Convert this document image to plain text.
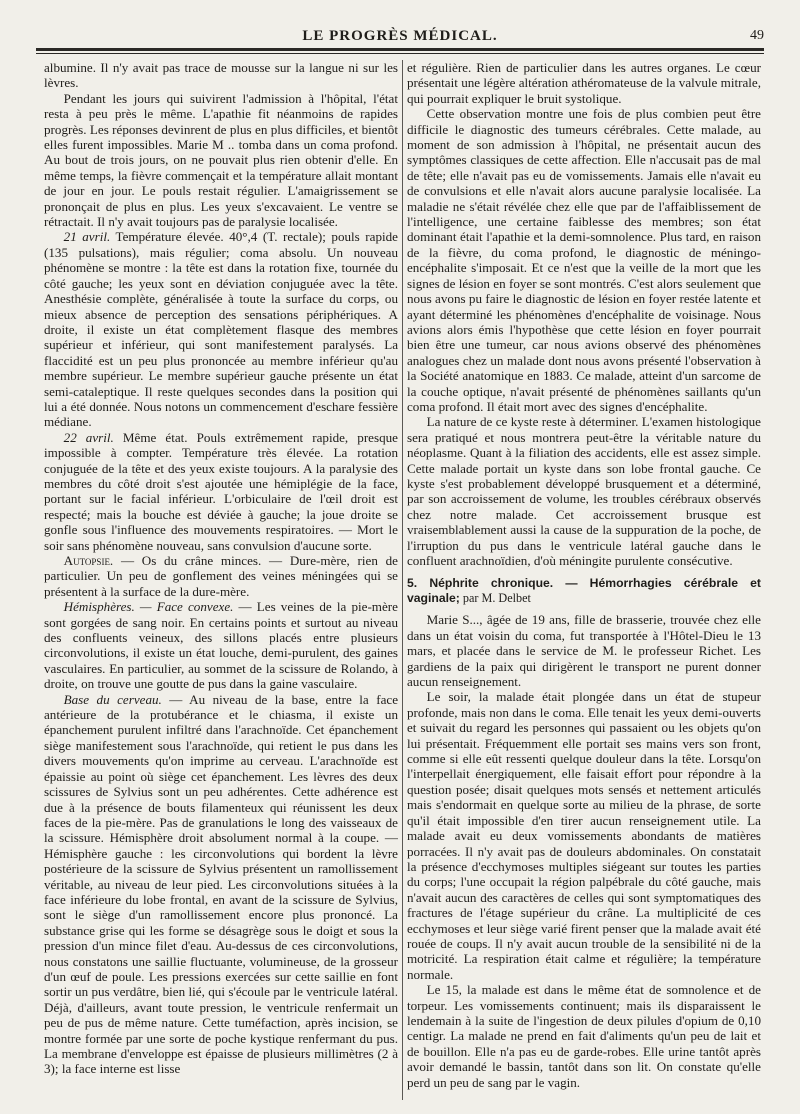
LE PROGRÈS MÉDICAL.	49

albumine. Il n'y avait pas trace de mousse sur la langue ni sur les lèvres.

Pendant les jours qui suivirent l'admission à l'hôpital, l'état resta à peu près le même. L'apathie fit néanmoins de rapides progrès. Les réponses devinrent de plus en plus difficiles, et bientôt elles furent impossibles. Marie M .. tomba dans un coma profond. Au bout de trois jours, on ne pouvait plus rien obtenir d'elle. En même temps, la fièvre commençait et la température allait montant de jour en jour. Le pouls restait régulier. L'amaigrissement se prononçait de plus en plus. Les yeux s'excavaient. Le ventre se rétractait. Il n'y avait toujours pas de paralysie localisée.

21 avril. Température élevée. 40°,4 (T. rectale); pouls rapide (135 pulsations), mais régulier; coma absolu. Un nouveau phénomène se montre : la tête est dans la rotation fixe, tournée du côté gauche; les yeux sont en déviation conjuguée avec la tête. Anesthésie complète, généralisée à toute la surface du corps, ou mieux absence de perception des sensations périphériques. A droite, il existe un état complètement flasque des membres supérieur et inférieur, qui sont manifestement paralysés. La flaccidité est un peu plus prononcée au membre inférieur qu'au membre supérieur. Le membre supérieur gauche présente un état semi-cataleptique. Il reste quelques secondes dans la position qui lui a été donnée. Nous notons un commencement d'eschare fessière médiane.

22 avril. Même état. Pouls extrêmement rapide, presque impossible à compter. Température très élevée. La rotation conjuguée de la tête et des yeux existe toujours. A la paralysie des membres du côté droit s'est ajoutée une hémiplégie de la face, portant sur le facial inférieur. L'orbiculaire de l'œil droit est respecté; mais la bouche est déviée à gauche; la joue droite se gonfle sous l'influence des mouvements respiratoires. — Mort le soir sans phénomène nouveau, sans convulsion d'aucune sorte.

Autopsie. — Os du crâne minces. — Dure-mère, rien de particulier. Un peu de gonflement des veines méningées qui se présentent à la surface de la dure-mère.

Hémisphères. — Face convexe. — Les veines de la pie-mère sont gorgées de sang noir. En certains points et surtout au niveau des confluents veineux, des sillons placés entre plusieurs circonvolutions, il existe un état louche, demi-purulent, des gaines vasculaires. En particulier, au sommet de la scissure de Rolando, à droite, on trouve une goutte de pus dans la gaine vasculaire.

Base du cerveau. — Au niveau de la base, entre la face antérieure de la protubérance et le chiasma, il existe un épanchement purulent infiltré dans l'arachnoïde. Cet épanchement siège manifestement sous l'arachnoïde, qui retient le pus dans les divers mouvements qu'on imprime au cerveau. L'arachnoïde est épaissie au point où siège cet épanchement. Les lèvres des deux scissures de Sylvius sont un peu adhérentes. Cette adhérence est due à la présence de bouts filamenteux qui réunissent les deux faces de la pie-mère. Pas de granulations le long des vaisseaux de la scissure. Hémisphère droit absolument normal à la coupe. — Hémisphère gauche : les circonvolutions qui bordent la lèvre postérieure de la scissure de Sylvius présentent un ramollissement véritable, au niveau de leur pied. Les circonvolutions situées à la face inférieure du lobe frontal, en avant de la scissure de Sylvius, sont le siège d'un ramollissement encore plus prononcé. La substance grise qui les forme se désagrège sous le doigt et sous la pression d'un mince filet d'eau. Au-dessus de ces circonvolutions, nous constatons une saillie fluctuante, volumineuse, de la grosseur d'un œuf de poule. Les pressions exercées sur cette saillie en font sortir un pus verdâtre, bien lié, qui s'écoule par le ventricule latéral. Déjà, d'ailleurs, avant toute pression, le ventricule renfermait un peu de pus de même nature. Cette tuméfaction, après incision, se montre formée par une sorte de poche kystique renfermant du pus. La membrane d'enveloppe est épaisse de plusieurs millimètres (2 à 3); la face interne est lisse

et régulière. Rien de particulier dans les autres organes. Le cœur présentait une légère altération athéromateuse de la valvule mitrale, qui pourrait expliquer le bruit systolique.

Cette observation montre une fois de plus combien peut être difficile le diagnostic des tumeurs cérébrales. Cette malade, au moment de son admission à l'hôpital, ne présentait aucun des symptômes classiques de cette affection. Elle n'accusait pas de mal de tête; elle n'avait pas eu de vomissements. Jamais elle n'avait eu de convulsions et elle n'avait alors aucune paralysie localisée. La maladie ne s'était révélée chez elle que par de l'affaiblissement de l'intelligence, une certaine faiblesse des membres; son état dominant était l'apathie et la demi-somnolence. Plus tard, en raison de la fièvre, du coma profond, le diagnostic de méningo-encéphalite s'imposait. Et ce n'est que la veille de la mort que les signes de lésion en foyer se sont montrés. C'est alors seulement que nous avons pu faire le diagnostic de lésion en foyer restée latente et ayant déterminé les phénomènes d'encéphalite de voisinage. Nous avions alors émis l'hypothèse que cette lésion en foyer pourrait bien être une tumeur, car nous avions observé des phénomènes analogues chez un malade dont nous avons présenté l'observation à la Société anatomique en 1883. Ce malade, atteint d'un sarcome de la couche optique, n'avait présenté de phénomènes saillants qu'un coma profond. Il était mort avec des signes d'encéphalite.

La nature de ce kyste reste à déterminer. L'examen histologique sera pratiqué et nous montrera peut-être la véritable nature du néoplasme. Quant à la filiation des accidents, elle est assez simple. Cette malade portait un kyste dans son lobe frontal gauche. Ce kyste s'est probablement développé brusquement et a déterminé, par son accroissement de volume, les troubles cérébraux observés chez notre malade. Cet accroissement brusque est vraisemblablement aussi la cause de la suppuration de la poche, de l'irruption du pus dans le ventricule latéral gauche dans le confluent arachnoïdien, d'où méningite purulente consécutive.

5. Néphrite chronique. — Hémorrhagies cérébrale et vaginale; par M. Delbet

Marie S..., âgée de 19 ans, fille de brasserie, trouvée chez elle dans un état voisin du coma, fut transportée à l'Hôtel-Dieu le 13 mars, et placée dans le service de M. le professeur Richet. Les gardiens de la paix qui dirigèrent le transport ne purent donner aucun renseignement.

Le soir, la malade était plongée dans un état de stupeur profonde, mais non dans le coma. Elle tenait les yeux demi-ouverts et suivait du regard les personnes qui passaient ou les objets qu'on lui présentait. Fréquemment elle portait ses mains vers son front, comme si elle eût ressenti quelque douleur dans la tête. Lorsqu'on l'interpellait énergiquement, elle faisait effort pour répondre à la question posée; disait quelques mots sensés et nettement articulés mais s'endormait en quelque sorte au milieu de la phrase, de sorte qu'il était impossible d'en tirer aucun renseignement utile. La malade avait eu deux vomissements abondants de matières porracées. Il n'y avait pas de douleurs abdominales. On constatait la présence d'ecchymoses multiples siégeant sur toutes les parties du corps; l'une occupait la région palpébrale du côté gauche, mais n'avait aucun des caractères de celles qui sont symptomatiques des fractures de l'étage supérieur du crâne. La multiplicité de ces ecchymoses et leur siège varié firent penser que la malade avait été rouée de coups. Il n'y avait aucun trouble de la sensibilité ni de la motricité. La respiration était calme et régulière; la température normale.

Le 15, la malade est dans le même état de somnolence et de torpeur. Les vomissements continuent; mais ils disparaissent le lendemain à la suite de l'ingestion de deux pilules d'opium de 0,10 centigr. La malade ne prend en fait d'aliments qu'un peu de lait et de bouillon. Elle n'a pas eu de garde-robes. Elle urine tantôt après avoir demandé le bassin, tantôt dans son lit. On constate qu'elle perd un peu de sang par le vagin.
